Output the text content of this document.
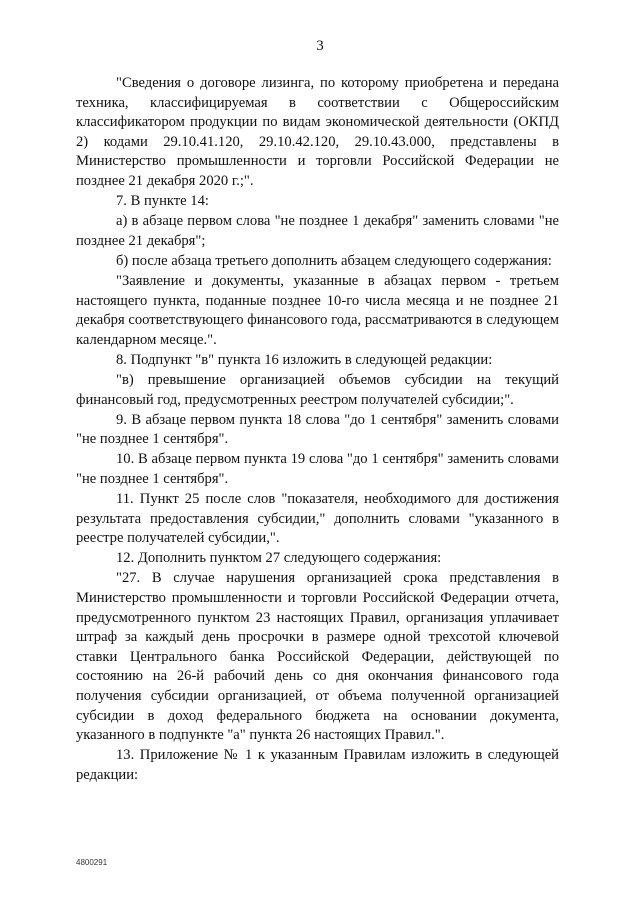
3

"Сведения о договоре лизинга, по которому приобретена и передана техника, классифицируемая в соответствии с Общероссийским классификатором продукции по видам экономической деятельности (ОКПД 2) кодами 29.10.41.120, 29.10.42.120, 29.10.43.000, представлены в Министерство промышленности и торговли Российской Федерации не позднее 21 декабря 2020 г.;".

7. В пункте 14:

а) в абзаце первом слова "не позднее 1 декабря" заменить словами "не позднее 21 декабря";

б) после абзаца третьего дополнить абзацем следующего содержания:

"Заявление и документы, указанные в абзацах первом - третьем настоящего пункта, поданные позднее 10-го числа месяца и не позднее 21 декабря соответствующего финансового года, рассматриваются в следующем календарном месяце.".

8. Подпункт "в" пункта 16 изложить в следующей редакции:

"в) превышение организацией объемов субсидии на текущий финансовый год, предусмотренных реестром получателей субсидии;".

9. В абзаце первом пункта 18 слова "до 1 сентября" заменить словами "не позднее 1 сентября".

10. В абзаце первом пункта 19 слова "до 1 сентября" заменить словами "не позднее 1 сентября".

11. Пункт 25 после слов "показателя, необходимого для достижения результата предоставления субсидии," дополнить словами "указанного в реестре получателей субсидии,".

12. Дополнить пунктом 27 следующего содержания:

"27. В случае нарушения организацией срока представления в Министерство промышленности и торговли Российской Федерации отчета, предусмотренного пунктом 23 настоящих Правил, организация уплачивает штраф за каждый день просрочки в размере одной трехсотой ключевой ставки Центрального банка Российской Федерации, действующей по состоянию на 26-й рабочий день со дня окончания финансового года получения субсидии организацией, от объема полученной организацией субсидии в доход федерального бюджета на основании документа, указанного в подпункте "а" пункта 26 настоящих Правил.".

13. Приложение № 1 к указанным Правилам изложить в следующей редакции:

4800291
